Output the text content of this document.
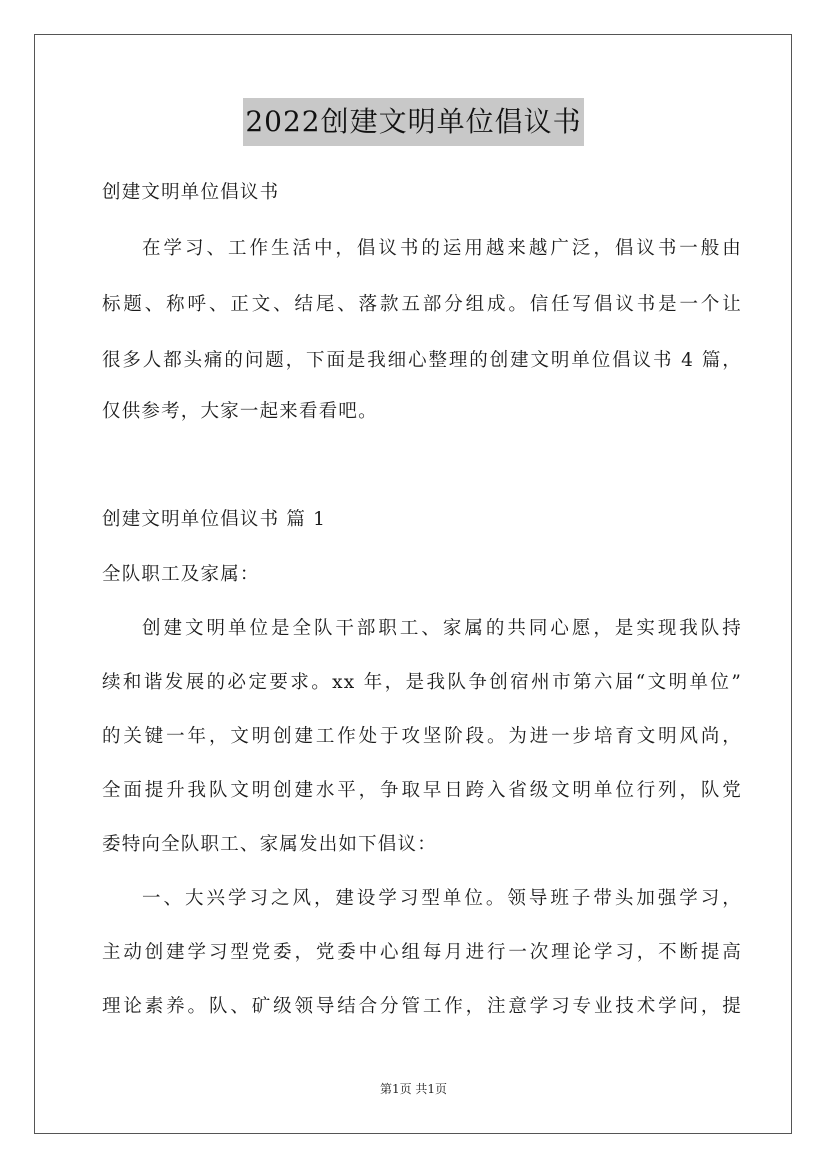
2022创建文明单位倡议书
创建文明单位倡议书
在学习、工作生活中，倡议书的运用越来越广泛，倡议书一般由
标题、称呼、正文、结尾、落款五部分组成。信任写倡议书是一个让
很多人都头痛的问题，下面是我细心整理的创建文明单位倡议书 4 篇，
仅供参考，大家一起来看看吧。
创建文明单位倡议书 篇 1
全队职工及家属：
创建文明单位是全队干部职工、家属的共同心愿，是实现我队持
续和谐发展的必定要求。xx 年，是我队争创宿州市第六届“文明单位”
的关键一年，文明创建工作处于攻坚阶段。为进一步培育文明风尚，
全面提升我队文明创建水平，争取早日跨入省级文明单位行列，队党
委特向全队职工、家属发出如下倡议：
一、大兴学习之风，建设学习型单位。领导班子带头加强学习，
主动创建学习型党委，党委中心组每月进行一次理论学习，不断提高
理论素养。队、矿级领导结合分管工作，注意学习专业技术学问，提
第1页 共1页
